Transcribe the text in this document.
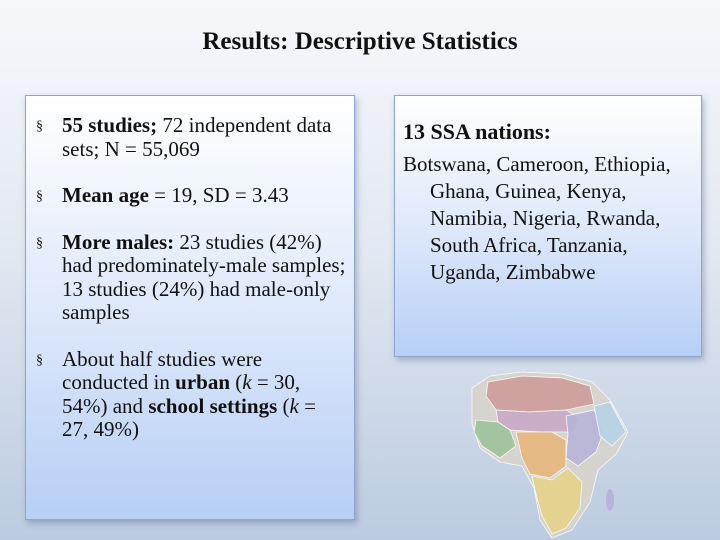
Results: Descriptive Statistics
§ 55 studies; 72 independent data sets; N = 55,069
§ Mean age = 19, SD = 3.43
§ More males: 23 studies (42%) had predominately-male samples; 13 studies (24%) had male-only samples
§ About half studies were conducted in urban (k = 30, 54%) and school settings (k = 27, 49%)
13 SSA nations:
Botswana, Cameroon, Ethiopia, Ghana, Guinea, Kenya, Namibia, Nigeria, Rwanda, South Africa, Tanzania, Uganda, Zimbabwe
